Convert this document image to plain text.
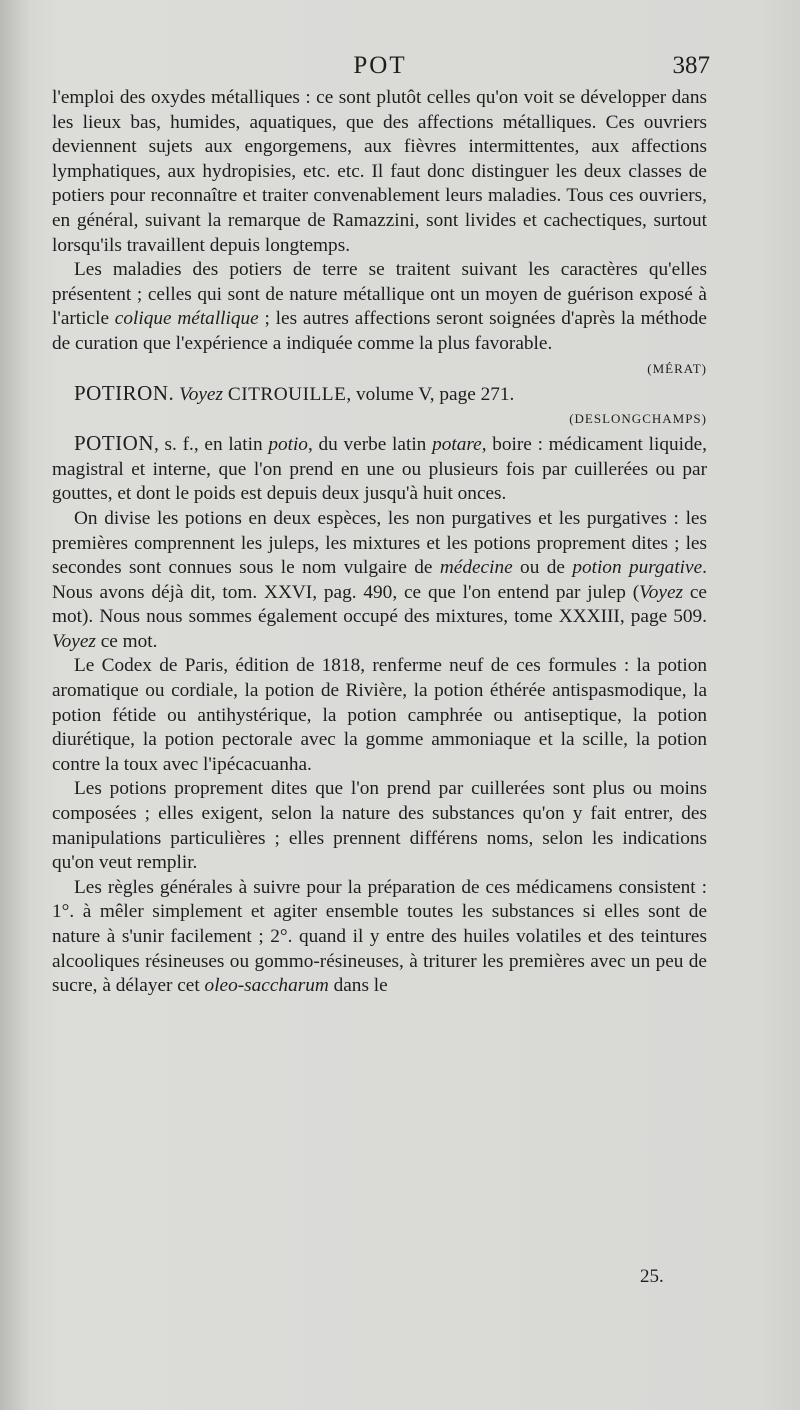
POT	387

l'emploi des oxydes métalliques : ce sont plutôt celles qu'on voit se développer dans les lieux bas, humides, aquatiques, que des affections métalliques. Ces ouvriers deviennent sujets aux engorgemens, aux fièvres intermittentes, aux affections lymphatiques, aux hydropisies, etc. etc. Il faut donc distinguer les deux classes de potiers pour reconnaître et traiter convenablement leurs maladies. Tous ces ouvriers, en général, suivant la remarque de Ramazzini, sont livides et cachectiques, surtout lorsqu'ils travaillent depuis longtemps.

Les maladies des potiers de terre se traitent suivant les caractères qu'elles présentent ; celles qui sont de nature métallique ont un moyen de guérison exposé à l'article colique métallique ; les autres affections seront soignées d'après la méthode de curation que l'expérience a indiquée comme la plus favorable.

(MÉRAT)

POTIRON. Voyez CITROUILLE, volume V, page 271.

(DESLONGCHAMPS)

POTION, s. f., en latin potio, du verbe latin potare, boire : médicament liquide, magistral et interne, que l'on prend en une ou plusieurs fois par cuillerées ou par gouttes, et dont le poids est depuis deux jusqu'à huit onces.

On divise les potions en deux espèces, les non purgatives et les purgatives : les premières comprennent les juleps, les mixtures et les potions proprement dites ; les secondes sont connues sous le nom vulgaire de médecine ou de potion purgative. Nous avons déjà dit, tom. XXVI, pag. 490, ce que l'on entend par julep (Voyez ce mot). Nous nous sommes également occupé des mixtures, tome XXXIII, page 509. Voyez ce mot.

Le Codex de Paris, édition de 1818, renferme neuf de ces formules : la potion aromatique ou cordiale, la potion de Rivière, la potion éthérée antispasmodique, la potion fétide ou antihystérique, la potion camphrée ou antiseptique, la potion diurétique, la potion pectorale avec la gomme ammoniaque et la scille, la potion contre la toux avec l'ipécacuanha.

Les potions proprement dites que l'on prend par cuillerées sont plus ou moins composées ; elles exigent, selon la nature des substances qu'on y fait entrer, des manipulations particulières ; elles prennent différens noms, selon les indications qu'on veut remplir.

Les règles générales à suivre pour la préparation de ces médicamens consistent : 1°. à mêler simplement et agiter ensemble toutes les substances si elles sont de nature à s'unir facilement ; 2°. quand il y entre des huiles volatiles et des teintures alcooliques résineuses ou gommo-résineuses, à triturer les premières avec un peu de sucre, à délayer cet oleo-saccharum dans le

25.
